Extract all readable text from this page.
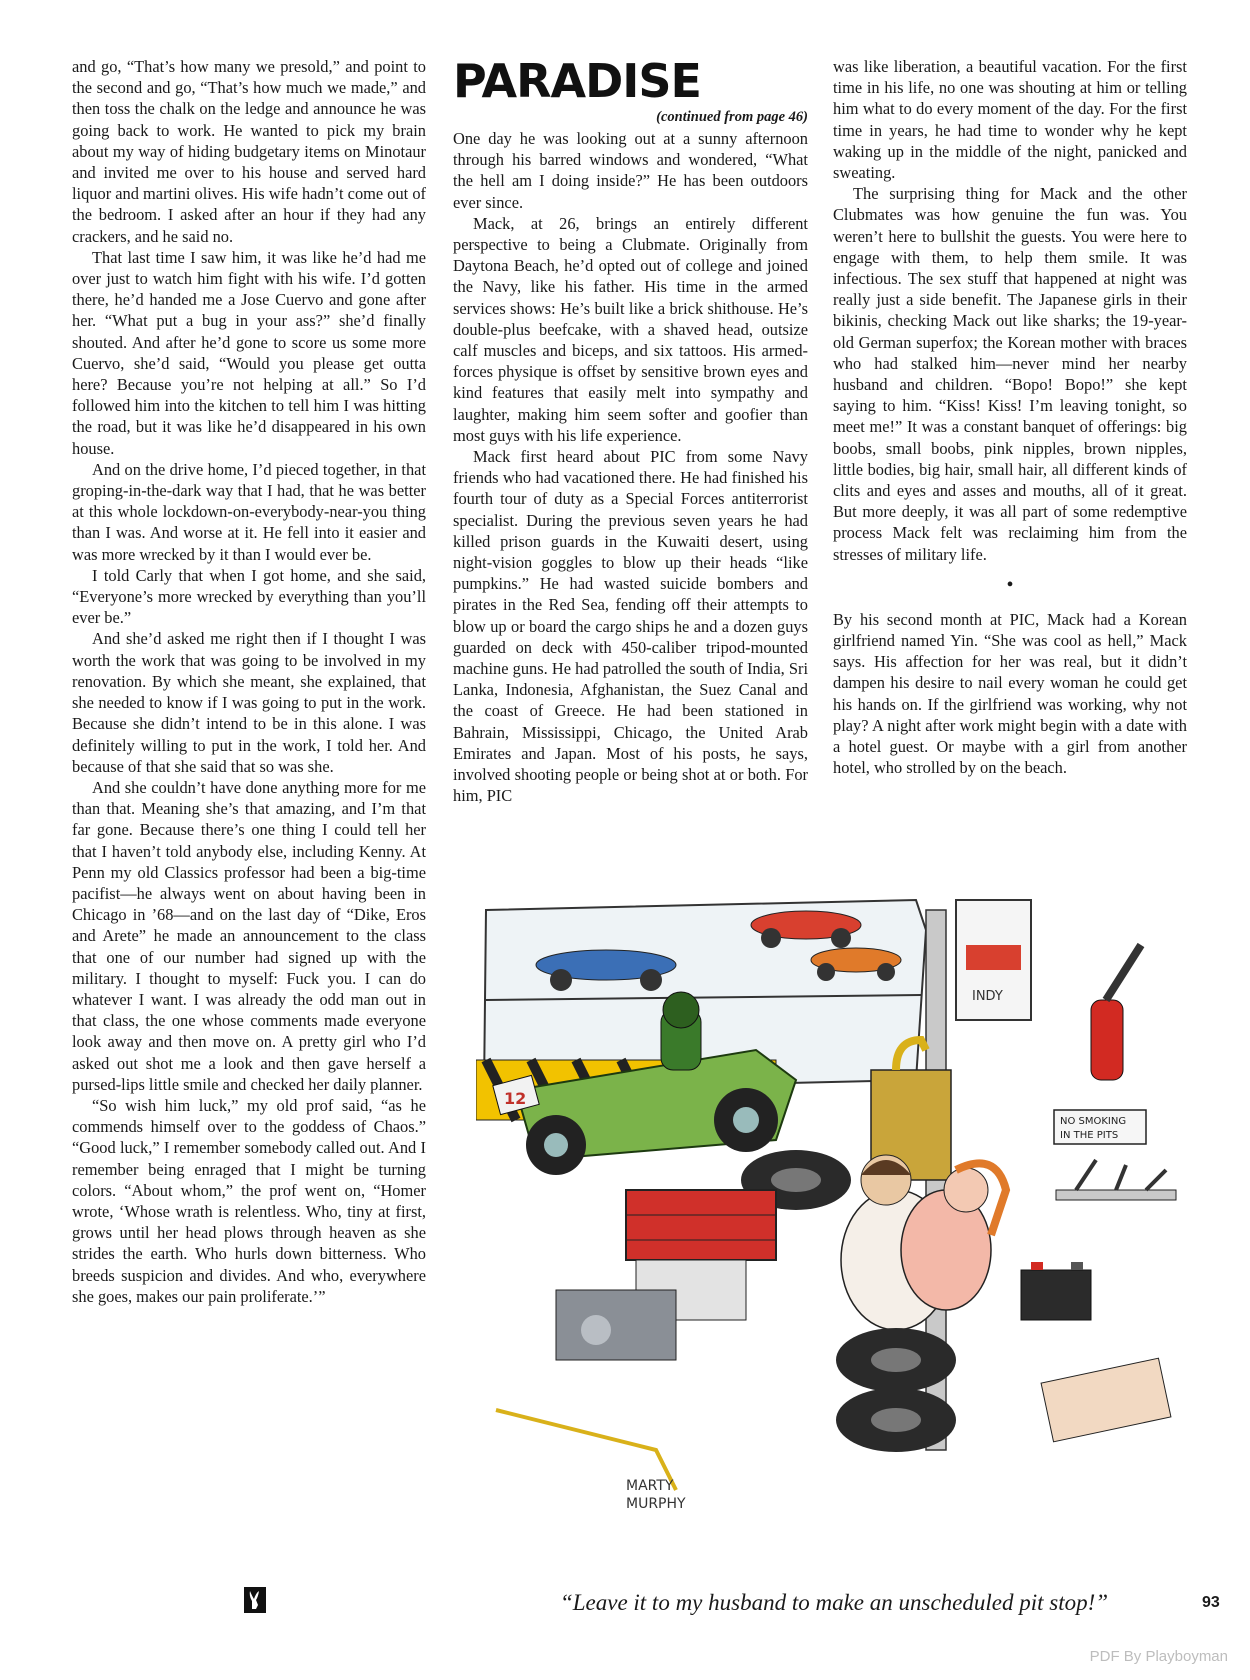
and go, “That’s how many we presold,” and point to the second and go, “That’s how much we made,” and then toss the chalk on the ledge and announce he was going back to work. He wanted to pick my brain about my way of hiding budgetary items on Minotaur and invited me over to his house and served hard liquor and martini olives. His wife hadn’t come out of the bedroom. I asked after an hour if they had any crackers, and he said no.

That last time I saw him, it was like he’d had me over just to watch him fight with his wife. I’d gotten there, he’d handed me a Jose Cuervo and gone after her. “What put a bug in your ass?” she’d finally shouted. And after he’d gone to score us some more Cuervo, she’d said, “Would you please get outta here? Because you’re not helping at all.” So I’d followed him into the kitchen to tell him I was hitting the road, but it was like he’d disappeared in his own house.

And on the drive home, I’d pieced together, in that groping-in-the-dark way that I had, that he was better at this whole lockdown-on-everybody-near-you thing than I was. And worse at it. He fell into it easier and was more wrecked by it than I would ever be.

I told Carly that when I got home, and she said, “Everyone’s more wrecked by everything than you’ll ever be.”

And she’d asked me right then if I thought I was worth the work that was going to be involved in my renovation. By which she meant, she explained, that she needed to know if I was going to put in the work. Because she didn’t intend to be in this alone. I was definitely willing to put in the work, I told her. And because of that she said that so was she.

And she couldn’t have done anything more for me than that. Meaning she’s that amazing, and I’m that far gone. Because there’s one thing I could tell her that I haven’t told anybody else, including Kenny. At Penn my old Classics professor had been a big-time pacifist—he always went on about having been in Chicago in ’68—and on the last day of “Dike, Eros and Arete” he made an announcement to the class that one of our number had signed up with the military. I thought to myself: Fuck you. I can do whatever I want. I was already the odd man out in that class, the one whose comments made everyone look away and then move on. A pretty girl who I’d asked out shot me a look and then gave herself a pursed-lips little smile and checked her daily planner.

“So wish him luck,” my old prof said, “as he commends himself over to the goddess of Chaos.” “Good luck,” I remember somebody called out. And I remember being enraged that I might be turning colors. “About whom,” the prof went on, “Homer wrote, ‘Whose wrath is relentless. Who, tiny at first, grows until her head plows through heaven as she strides the earth. Who hurls down bitterness. Who breeds suspicion and divides. And who, everywhere she goes, makes our pain proliferate.’”

PARADISE
(continued from page 46)

One day he was looking out at a sunny afternoon through his barred windows and wondered, “What the hell am I doing inside?” He has been outdoors ever since.

Mack, at 26, brings an entirely different perspective to being a Clubmate. Originally from Daytona Beach, he’d opted out of college and joined the Navy, like his father. His time in the armed services shows: He’s built like a brick shithouse. He’s double-plus beefcake, with a shaved head, outsize calf muscles and biceps, and six tattoos. His armed-forces physique is offset by sensitive brown eyes and kind features that easily melt into sympathy and laughter, making him seem softer and goofier than most guys with his life experience.

Mack first heard about PIC from some Navy friends who had vacationed there. He had finished his fourth tour of duty as a Special Forces antiterrorist specialist. During the previous seven years he had killed prison guards in the Kuwaiti desert, using night-vision goggles to blow up their heads “like pumpkins.” He had wasted suicide bombers and pirates in the Red Sea, fending off their attempts to blow up or board the cargo ships he and a dozen guys guarded on deck with 450-caliber tripod-mounted machine guns. He had patrolled the south of India, Sri Lanka, Indonesia, Afghanistan, the Suez Canal and the coast of Greece. He had been stationed in Bahrain, Mississippi, Chicago, the United Arab Emirates and Japan. Most of his posts, he says, involved shooting people or being shot at or both. For him, PIC

was like liberation, a beautiful vacation. For the first time in his life, no one was shouting at him or telling him what to do every moment of the day. For the first time in years, he had time to wonder why he kept waking up in the middle of the night, panicked and sweating.

The surprising thing for Mack and the other Clubmates was how genuine the fun was. You weren’t here to bullshit the guests. You were here to engage with them, to help them smile. It was infectious. The sex stuff that happened at night was really just a side benefit. The Japanese girls in their bikinis, checking Mack out like sharks; the 19-year-old German superfox; the Korean mother with braces who had stalked him—never mind her nearby husband and children. “Bopo! Bopo!” she kept saying to him. “Kiss! Kiss! I’m leaving tonight, so meet me!” It was a constant banquet of offerings: big boobs, small boobs, pink nipples, brown nipples, little bodies, big hair, small hair, all different kinds of clits and eyes and asses and mouths, all of it great. But more deeply, it was all part of some redemptive process Mack felt was reclaiming him from the stresses of military life.

•

By his second month at PIC, Mack had a Korean girlfriend named Yin. “She was cool as hell,” Mack says. His affection for her was real, but it didn’t dampen his desire to nail every woman he could get his hands on. If the girlfriend was working, why not play? A night after work might begin with a date with a hotel guest. Or maybe with a girl from another hotel, who strolled by on the beach.

12
INDY
NO SMOKING
IN THE PITS
MARTY
MURPHY
“Leave it to my husband to make an unscheduled pit stop!”	93
PDF By Playboyman
